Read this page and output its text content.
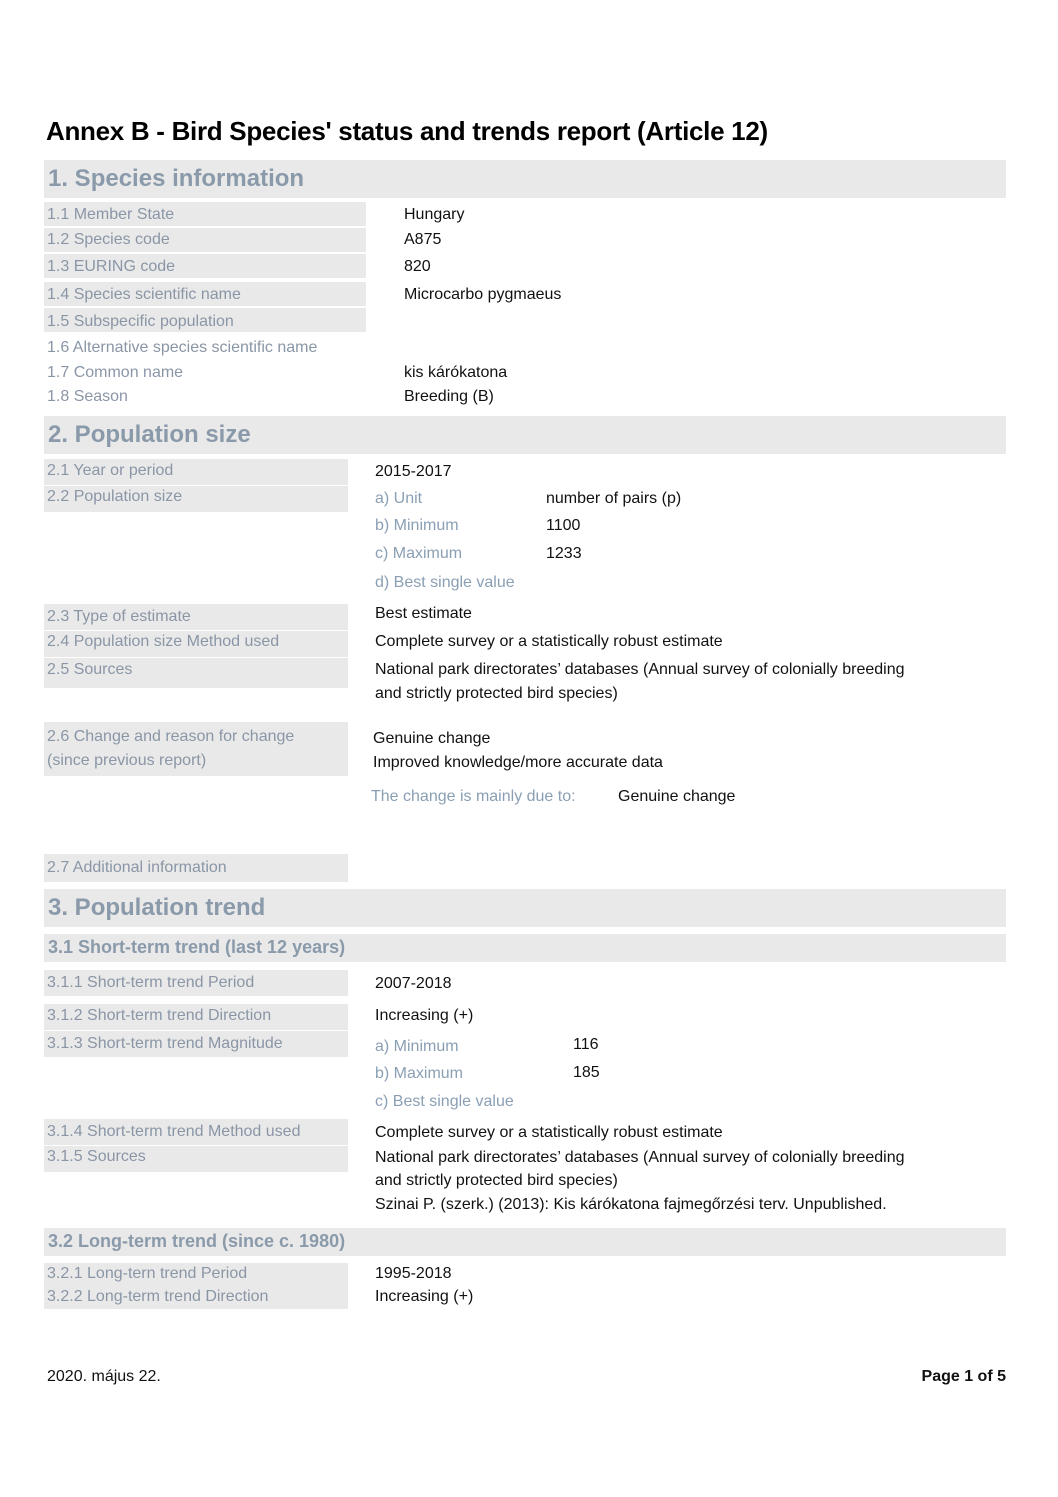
Annex B - Bird Species' status and trends report (Article 12)
1. Species information
1.1 Member State	Hungary
1.2 Species code	A875
1.3 EURING code	820
1.4 Species scientific name	Microcarbo pygmaeus
1.5 Subspecific population
1.6 Alternative species scientific name
1.7 Common name	kis kárókatona
1.8 Season	Breeding (B)
2. Population size
2.1 Year or period	2015-2017
2.2 Population size	a) Unit	number of pairs (p)
b) Minimum	1100
c) Maximum	1233
d) Best single value
2.3 Type of estimate	Best estimate
2.4 Population size Method used	Complete survey or a statistically robust estimate
2.5 Sources	National park directorates’ databases (Annual survey of colonially breeding
and strictly protected bird species)
2.6 Change and reason for change
(since previous report)
Genuine change
Improved knowledge/more accurate data
The change is mainly due to:	Genuine change
2.7 Additional information
3. Population trend
3.1 Short-term trend (last 12 years)
3.1.1 Short-term trend Period	2007-2018
3.1.2 Short-term trend Direction	Increasing (+)
3.1.3 Short-term trend Magnitude	a) Minimum	116
b) Maximum	185
c) Best single value
3.1.4 Short-term trend Method used	Complete survey or a statistically robust estimate
3.1.5 Sources	National park directorates’ databases (Annual survey of colonially breeding
and strictly protected bird species)
Szinai P. (szerk.) (2013): Kis kárókatona fajmegőrzési terv. Unpublished.
3.2 Long-term trend (since c. 1980)
3.2.1 Long-tern trend Period	1995-2018
3.2.2 Long-term trend Direction	Increasing (+)
2020. május 22.	Page 1 of 5
